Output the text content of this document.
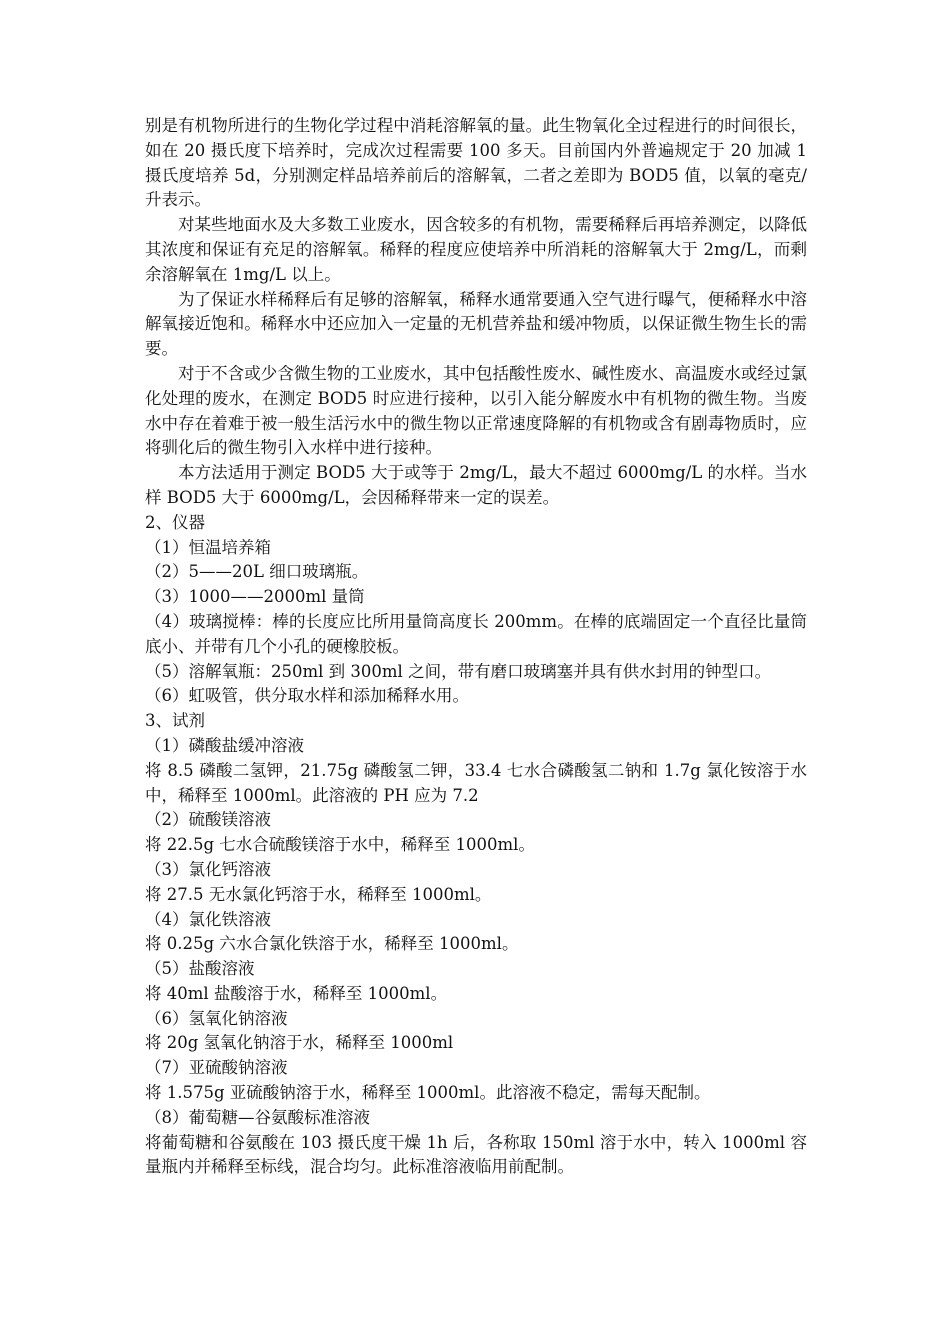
别是有机物所进行的生物化学过程中消耗溶解氧的量。此生物氧化全过程进行的时间很长，如在 20 摄氏度下培养时，完成次过程需要 100 多天。目前国内外普遍规定于 20 加减 1 摄氏度培养 5d，分别测定样品培养前后的溶解氧，二者之差即为 BOD5 值，以氧的毫克/升表示。

对某些地面水及大多数工业废水，因含较多的有机物，需要稀释后再培养测定，以降低其浓度和保证有充足的溶解氧。稀释的程度应使培养中所消耗的溶解氧大于 2mg/L，而剩余溶解氧在 1mg/L 以上。

为了保证水样稀释后有足够的溶解氧，稀释水通常要通入空气进行曝气，便稀释水中溶解氧接近饱和。稀释水中还应加入一定量的无机营养盐和缓冲物质，以保证微生物生长的需要。

对于不含或少含微生物的工业废水，其中包括酸性废水、碱性废水、高温废水或经过氯化处理的废水，在测定 BOD5 时应进行接种，以引入能分解废水中有机物的微生物。当废水中存在着难于被一般生活污水中的微生物以正常速度降解的有机物或含有剧毒物质时，应将驯化后的微生物引入水样中进行接种。

本方法适用于测定 BOD5 大于或等于 2mg/L，最大不超过 6000mg/L 的水样。当水样 BOD5 大于 6000mg/L，会因稀释带来一定的误差。

2、仪器

（1）恒温培养箱

（2）5——20L 细口玻璃瓶。

（3）1000——2000ml 量筒

（4）玻璃搅棒：棒的长度应比所用量筒高度长 200mm。在棒的底端固定一个直径比量筒底小、并带有几个小孔的硬橡胶板。

（5）溶解氧瓶：250ml 到 300ml 之间，带有磨口玻璃塞并具有供水封用的钟型口。

（6）虹吸管，供分取水样和添加稀释水用。

3、试剂

（1）磷酸盐缓冲溶液

将 8.5 磷酸二氢钾，21.75g 磷酸氢二钾，33.4 七水合磷酸氢二钠和 1.7g 氯化铵溶于水中，稀释至 1000ml。此溶液的 PH 应为 7.2

（2）硫酸镁溶液

将 22.5g 七水合硫酸镁溶于水中，稀释至 1000ml。

（3）氯化钙溶液

将 27.5 无水氯化钙溶于水，稀释至 1000ml。

（4）氯化铁溶液

将 0.25g 六水合氯化铁溶于水，稀释至 1000ml。

（5）盐酸溶液

将 40ml 盐酸溶于水，稀释至 1000ml。

（6）氢氧化钠溶液

将 20g 氢氧化钠溶于水，稀释至 1000ml

（7）亚硫酸钠溶液

将 1.575g 亚硫酸钠溶于水，稀释至 1000ml。此溶液不稳定，需每天配制。

（8）葡萄糖—谷氨酸标准溶液

将葡萄糖和谷氨酸在 103 摄氏度干燥 1h 后，各称取 150ml 溶于水中，转入 1000ml 容量瓶内并稀释至标线，混合均匀。此标准溶液临用前配制。
